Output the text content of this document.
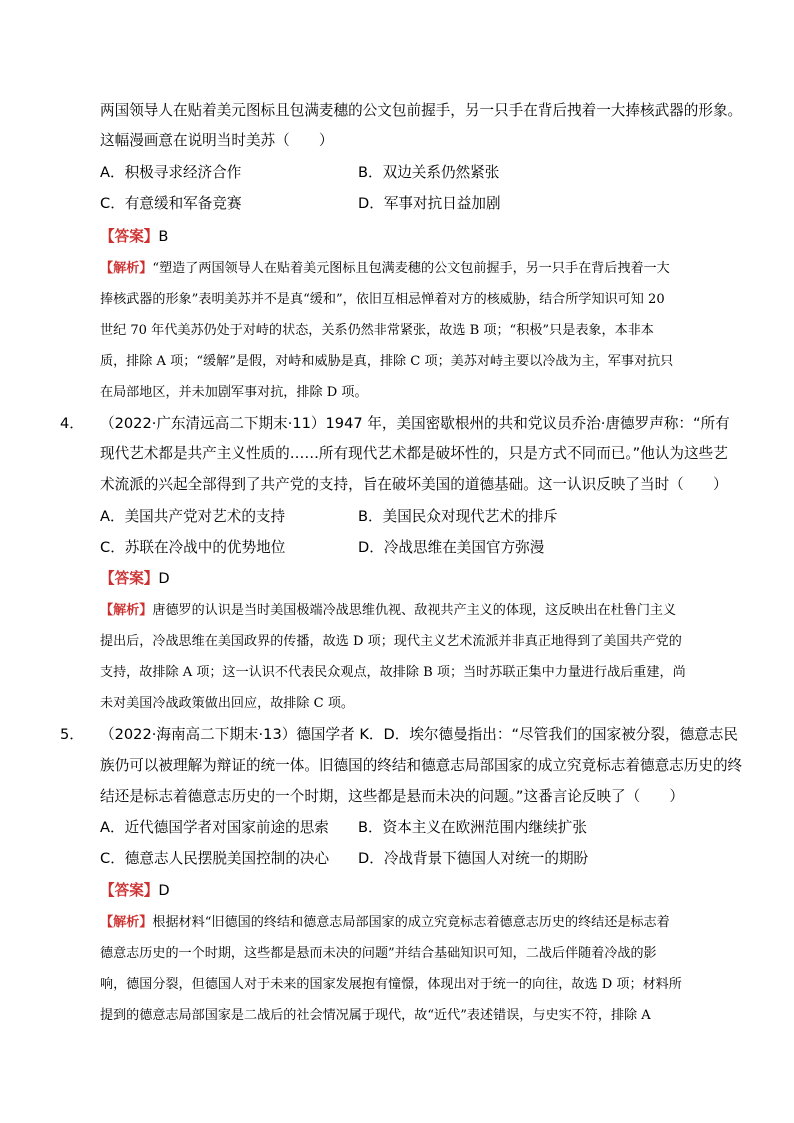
两国领导人在贴着美元图标且包满麦穗的公文包前握手，另一只手在背后拽着一大捧核武器的形象。
这幅漫画意在说明当时美苏（　　）
A．积极寻求经济合作	B．双边关系仍然紧张
C．有意缓和军备竞赛	D．军事对抗日益加剧
【答案】B
【解析】“塑造了两国领导人在贴着美元图标且包满麦穗的公文包前握手，另一只手在背后拽着一大
捧核武器的形象”表明美苏并不是真“缓和”，依旧互相忌惮着对方的核威胁，结合所学知识可知 20
世纪 70 年代美苏仍处于对峙的状态，关系仍然非常紧张，故选 B 项；“积极”只是表象，本非本
质，排除 A 项；“缓解”是假，对峙和威胁是真，排除 C 项；美苏对峙主要以冷战为主，军事对抗只
在局部地区，并未加剧军事对抗，排除 D 项。
4． （2022·广东清远高二下期末·11）1947 年，美国密歇根州的共和党议员乔治·唐德罗声称：“所有
现代艺术都是共产主义性质的……所有现代艺术都是破坏性的，只是方式不同而已。”他认为这些艺
术流派的兴起全部得到了共产党的支持，旨在破坏美国的道德基础。这一认识反映了当时（　　）
A．美国共产党对艺术的支持	B．美国民众对现代艺术的排斥
C．苏联在冷战中的优势地位	D．冷战思维在美国官方弥漫
【答案】D
【解析】唐德罗的认识是当时美国极端冷战思维仇视、敌视共产主义的体现，这反映出在杜鲁门主义
提出后，冷战思维在美国政界的传播，故选 D 项；现代主义艺术流派并非真正地得到了美国共产党的
支持，故排除 A 项；这一认识不代表民众观点，故排除 B 项；当时苏联正集中力量进行战后重建，尚
未对美国冷战政策做出回应，故排除 C 项。
5． （2022·海南高二下期末·13）德国学者 K．D．埃尔德曼指出：“尽管我们的国家被分裂，德意志民
族仍可以被理解为辩证的统一体。旧德国的终结和德意志局部国家的成立究竟标志着德意志历史的终
结还是标志着德意志历史的一个时期，这些都是悬而未决的问题。”这番言论反映了（　　）
A．近代德国学者对国家前途的思索 B．资本主义在欧洲范围内继续扩张
C．德意志人民摆脱美国控制的决心 D．冷战背景下德国人对统一的期盼
【答案】D
【解析】根据材料“旧德国的终结和德意志局部国家的成立究竟标志着德意志历史的终结还是标志着
德意志历史的一个时期，这些都是悬而未决的问题”并结合基础知识可知，二战后伴随着冷战的影
响，德国分裂，但德国人对于未来的国家发展抱有憧憬，体现出对于统一的向往，故选 D 项；材料所
提到的德意志局部国家是二战后的社会情况属于现代，故“近代”表述错误，与史实不符，排除 A
